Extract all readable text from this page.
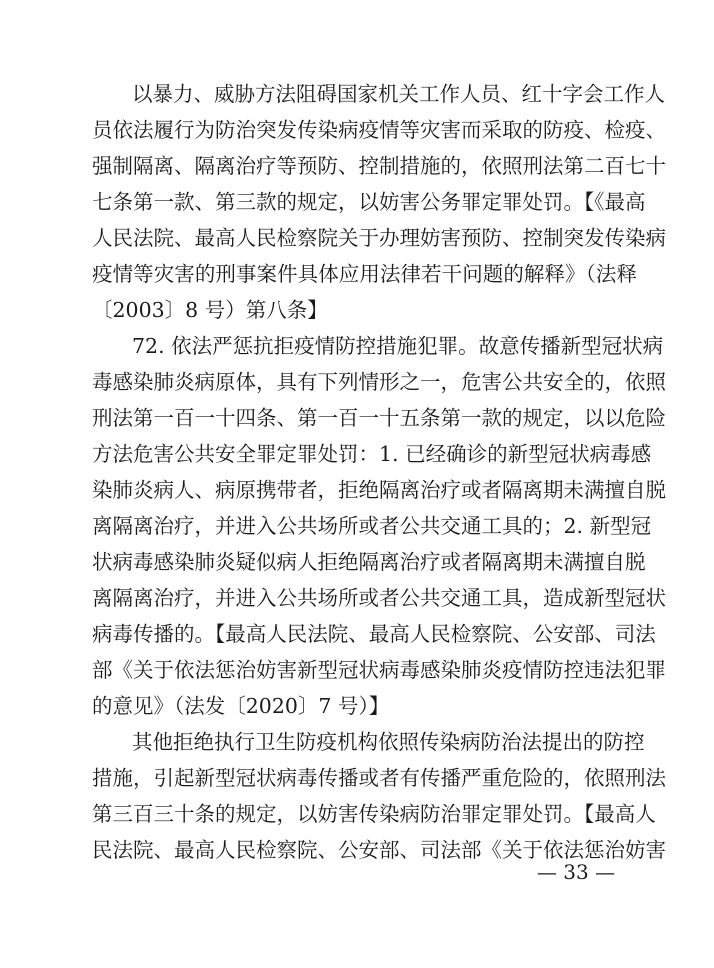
以暴力、威胁方法阻碍国家机关工作人员、红十字会工作人
员依法履行为防治突发传染病疫情等灾害而采取的防疫、检疫、
强制隔离、隔离治疗等预防、控制措施的，依照刑法第二百七十
七条第一款、第三款的规定，以妨害公务罪定罪处罚。【《最高
人民法院、最高人民检察院关于办理妨害预防、控制突发传染病
疫情等灾害的刑事案件具体应用法律若干问题的解释》（法释
〔2003〕8 号）第八条】
72. 依法严惩抗拒疫情防控措施犯罪。故意传播新型冠状病
毒感染肺炎病原体，具有下列情形之一，危害公共安全的，依照
刑法第一百一十四条、第一百一十五条第一款的规定，以以危险
方法危害公共安全罪定罪处罚：1. 已经确诊的新型冠状病毒感
染肺炎病人、病原携带者，拒绝隔离治疗或者隔离期未满擅自脱
离隔离治疗，并进入公共场所或者公共交通工具的；2. 新型冠
状病毒感染肺炎疑似病人拒绝隔离治疗或者隔离期未满擅自脱
离隔离治疗，并进入公共场所或者公共交通工具，造成新型冠状
病毒传播的。【最高人民法院、最高人民检察院、公安部、司法
部《关于依法惩治妨害新型冠状病毒感染肺炎疫情防控违法犯罪
的意见》（法发〔2020〕7 号）】
其他拒绝执行卫生防疫机构依照传染病防治法提出的防控
措施，引起新型冠状病毒传播或者有传播严重危险的，依照刑法
第三百三十条的规定，以妨害传染病防治罪定罪处罚。【最高人
民法院、最高人民检察院、公安部、司法部《关于依法惩治妨害
— 33 —
